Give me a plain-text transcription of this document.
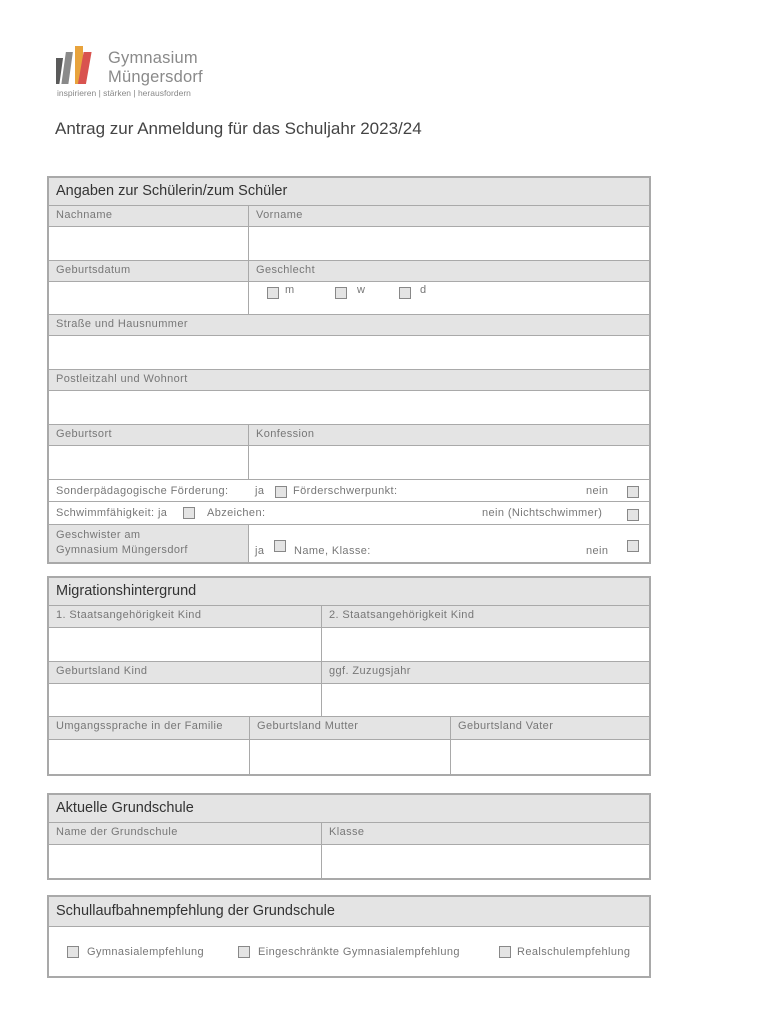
Gymnasium
Müngersdorf
inspirieren | stärken | herausfordern
Antrag zur Anmeldung für das Schuljahr 2023/24
Angaben zur Schülerin/zum Schüler
Nachname	Vorname
Geburtsdatum	Geschlecht
m	w	d
Straße und Hausnummer
Postleitzahl und Wohnort
Geburtsort	Konfession
Sonderpädagogische Förderung: ja	Förderschwerpunkt:	nein
Schwimmfähigkeit: ja	Abzeichen:	nein (Nichtschwimmer)
Geschwister am
Gymnasium Müngersdorf	ja	Name, Klasse:	nein
Migrationshintergrund
1. Staatsangehörigkeit Kind	2. Staatsangehörigkeit Kind
Geburtsland Kind	ggf. Zuzugsjahr
Umgangssprache in der Familie	Geburtsland Mutter	Geburtsland Vater
Aktuelle Grundschule
Name der Grundschule	Klasse
Schullaufbahnempfehlung der Grundschule
Gymnasialempfehlung	Eingeschränkte Gymnasialempfehlung	Realschulempfehlung
